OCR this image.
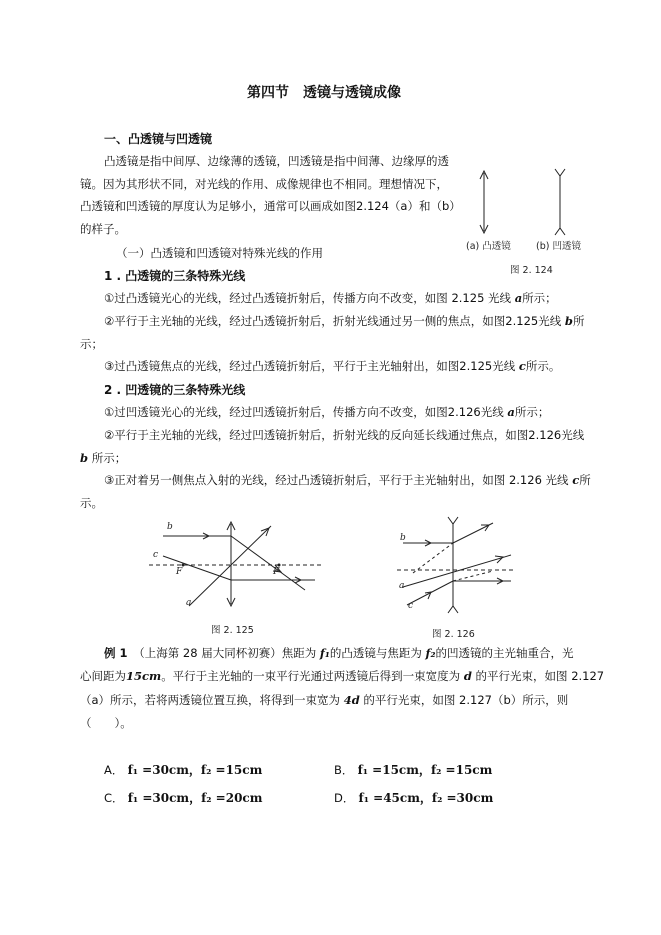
第四节　透镜与透镜成像
一、凸透镜与凹透镜
凸透镜是指中间厚、边缘薄的透镜，凹透镜是指中间薄、边缘厚的透
镜。因为其形状不同，对光线的作用、成像规律也不相同。理想情况下，
凸透镜和凹透镜的厚度认为足够小，通常可以画成如图2.124（a）和（b）
的样子。
(a) 凸透镜	(b) 凹透镜
图 2. 124
（一）凸透镜和凹透镜对特殊光线的作用
1 . 凸透镜的三条特殊光线
①过凸透镜光心的光线，经过凸透镜折射后，传播方向不改变，如图 2.125 光线 a所示；
②平行于主光轴的光线，经过凸透镜折射后，折射光线通过另一侧的焦点，如图2.125光线 b所
示；
③过凸透镜焦点的光线，经过凸透镜折射后，平行于主光轴射出，如图2.125光线 c所示。
2 . 凹透镜的三条特殊光线
①过凹透镜光心的光线，经过凹透镜折射后，传播方向不改变，如图2.126光线 a所示；
②平行于主光轴的光线，经过凹透镜折射后，折射光线的反向延长线通过焦点，如图2.126光线
b 所示；
③正对着另一侧焦点入射的光线，经过凸透镜折射后，平行于主光轴射出，如图 2.126 光线 c所
示。
b
c
a
F	F
图 2. 125
b
a
c
图 2. 126
例 1　 （上海第 28 届大同杯初赛）焦距为 f₁的凸透镜与焦距为 f₂的凹透镜的主光轴重合，光
心间距为15cm。平行于主光轴的一束平行光通过两透镜后得到一束宽度为 d 的平行光束，如图 2.127
（a）所示，若将两透镜位置互换，将得到一束宽为 4d 的平行光束，如图 2.127（b）所示，则
（　　）。
A． f₁ =30cm，f₂ =15cm	B． f₁ =15cm，f₂ =15cm
C． f₁ =30cm，f₂ =20cm	D． f₁ =45cm，f₂ =30cm
